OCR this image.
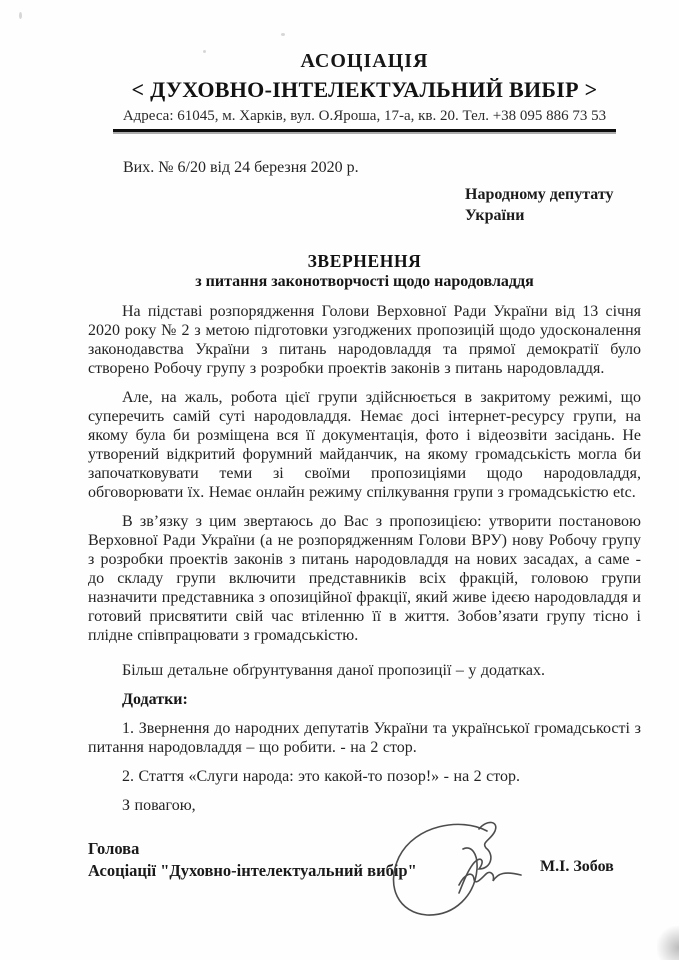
АСОЦІАЦІЯ
< ДУХОВНО-ІНТЕЛЕКТУАЛЬНИЙ ВИБІР >
Адреса: 61045, м. Харків, вул. О.Яроша, 17-а, кв. 20. Тел. +38 095 886 73 53
Вих. № 6/20 від 24 березня 2020 р.
Народному депутату
України
ЗВЕРНЕННЯ
з питання законотворчості щодо народовладдя

На підставі розпорядження Голови Верховної Ради України від 13 січня 2020 року № 2 з метою підготовки узгоджених пропозицій щодо удосконалення законодавства України з питань народовладдя та прямої демократії було створено Робочу групу з розробки проектів законів з питань народовладдя.

Але, на жаль, робота цієї групи здійснюється в закритому режимі, що суперечить самій суті народовладдя. Немає досі інтернет-ресурсу групи, на якому була би розміщена вся її документація, фото і відеозвіти засідань. Не утворений відкритий форумний майданчик, на якому громадськість могла би започатковувати теми зі своїми пропозиціями щодо народовладдя, обговорювати їх. Немає онлайн режиму спілкування групи з громадськістю etc.

В зв’язку з цим звертаюсь до Вас з пропозицією: утворити постановою Верховної Ради України (а не розпорядженням Голови ВРУ) нову Робочу групу з розробки проектів законів з питань народовладдя на нових засадах, а саме - до складу групи включити представників всіх фракцій, головою групи назначити представника з опозиційної фракції, який живе ідеєю народовладдя и готовий присвятити свій час втіленню її в життя. Зобов’язати групу тісно і плідне співпрацювати з громадськістю.

Більш детальне обґрунтування даної пропозиції – у додатках.

Додатки:

1. Звернення до народних депутатів України та української громадськості з питання народовладдя – що робити. - на 2 стор.

2. Стаття «Слуги народа: это какой-то позор!» - на 2 стор.

З повагою,

Голова
Асоціації "Духовно-інтелектуальний вибір"	М.І. Зобов
